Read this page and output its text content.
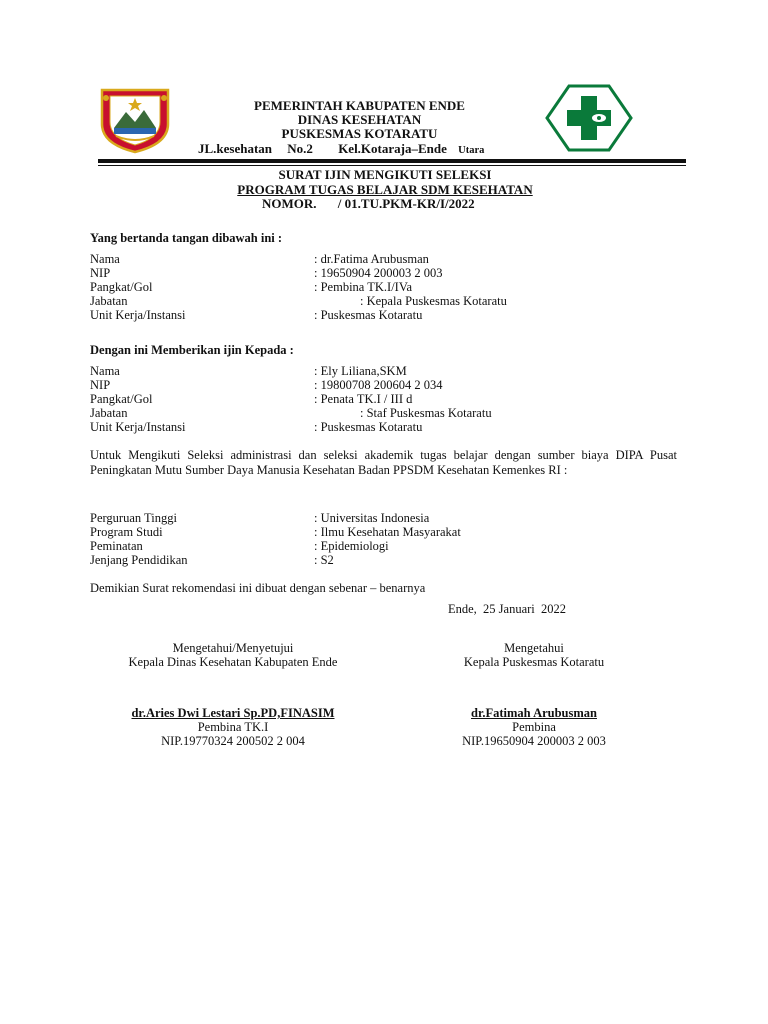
PEMERINTAH KABUPATEN ENDE
DINAS KESEHATAN
PUSKESMAS KOTARATU
JL.kesehatan No.2 Kel.Kotaraja–Ende Utara
SURAT IJIN MENGIKUTI SELEKSI
PROGRAM TUGAS BELAJAR SDM KESEHATAN
NOMOR. / 01.TU.PKM-KR/I/2022
Yang bertanda tangan dibawah ini :
Nama	: dr.Fatima Arubusman
NIP	: 19650904 200003 2 003
Pangkat/Gol	: Pembina TK.I/IVa
Jabatan	: Kepala Puskesmas Kotaratu
Unit Kerja/Instansi	: Puskesmas Kotaratu
Dengan ini Memberikan ijin Kepada :
Nama	: Ely Liliana,SKM
NIP	: 19800708 200604 2 034
Pangkat/Gol	: Penata TK.I / III d
Jabatan	: Staf Puskesmas Kotaratu
Unit Kerja/Instansi	: Puskesmas Kotaratu
Untuk Mengikuti Seleksi administrasi dan seleksi akademik tugas belajar dengan sumber biaya DIPA Pusat Peningkatan Mutu Sumber Daya Manusia Kesehatan Badan PPSDM Kesehatan Kemenkes RI :
Perguruan Tinggi	: Universitas Indonesia
Program Studi	: Ilmu Kesehatan Masyarakat
Peminatan	: Epidemiologi
Jenjang Pendidikan	: S2
Demikian Surat rekomendasi ini dibuat dengan sebenar – benarnya
Ende,  25 Januari  2022
Mengetahui/Menyetujui
Kepala Dinas Kesehatan Kabupaten Ende
Mengetahui
Kepala Puskesmas Kotaratu
dr.Aries Dwi Lestari Sp.PD,FINASIM
Pembina TK.I
NIP.19770324 200502 2 004
dr.Fatimah Arubusman
Pembina
NIP.19650904 200003 2 003
